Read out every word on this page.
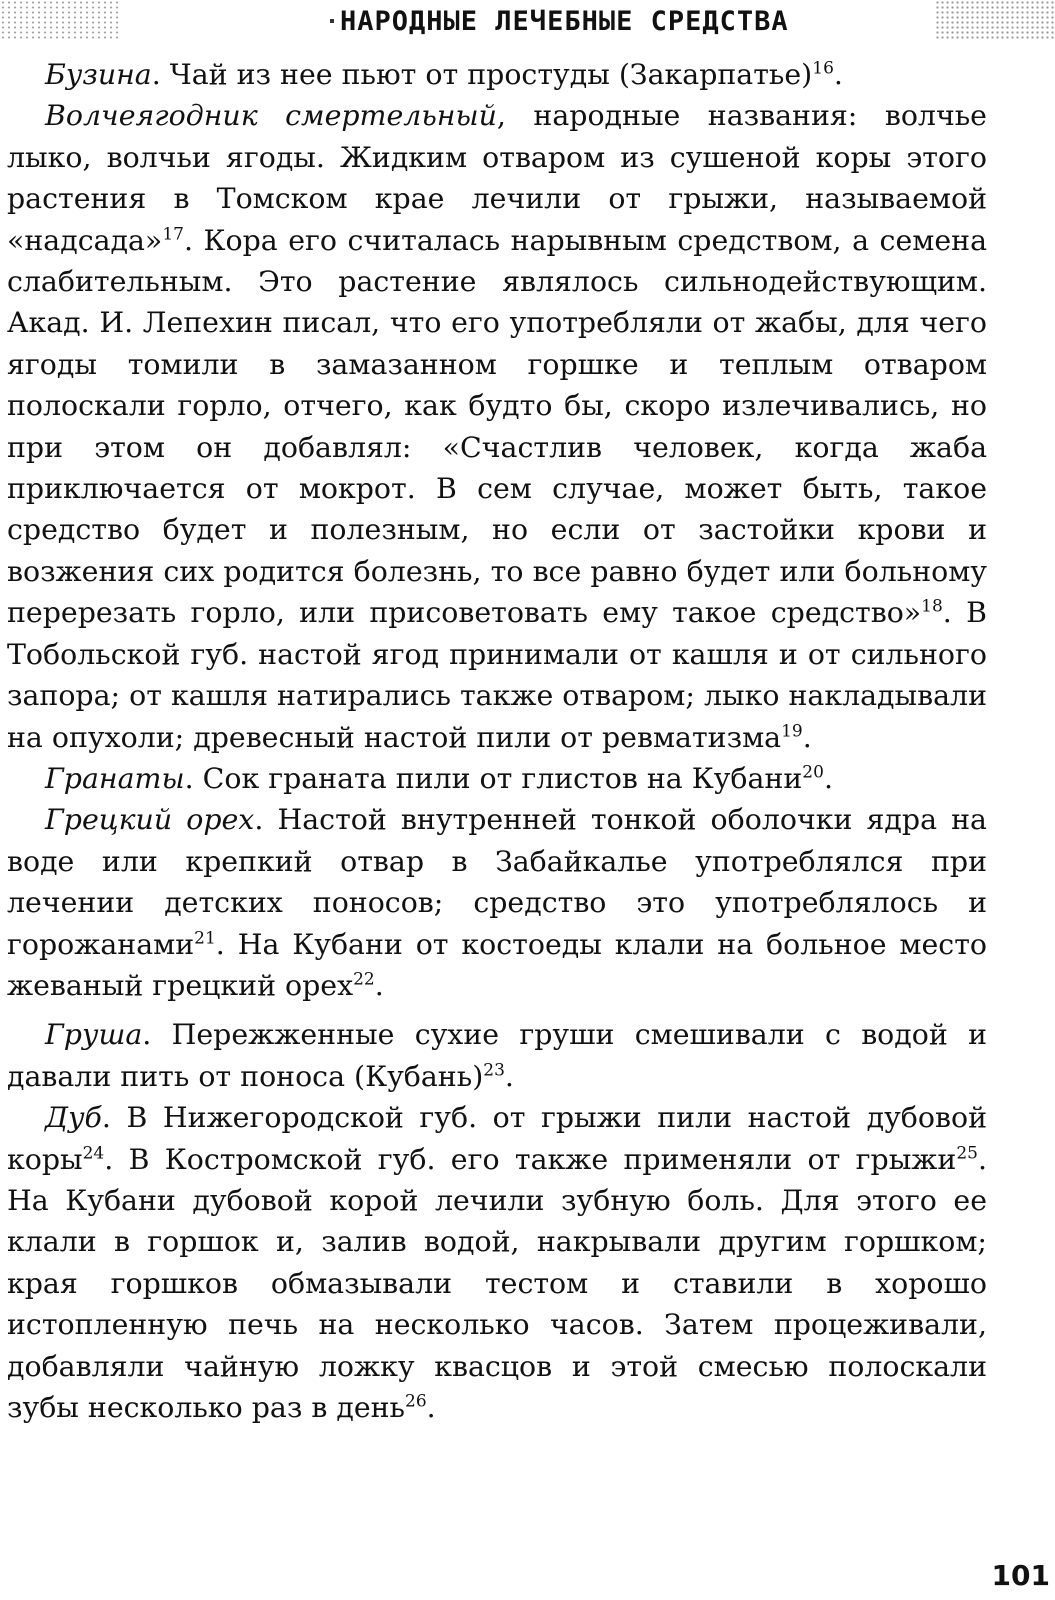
НАРОДНЫЕ ЛЕЧЕБНЫЕ СРЕДСТВА

Бузина. Чай из нее пьют от простуды (Закарпатье)$^{16}$.

Волчеягодник смертельный, народные названия: волчье лыко, волчьи ягоды. Жидким отваром из сушеной коры этого растения в Томском крае лечили от грыжи, называемой «надсада»$^{17}$. Кора его считалась нарывным средством, а семена слабительным. Это растение являлось сильнодействующим. Акад. И. Лепехин писал, что его употребляли от жабы, для чего ягоды томили в замазанном горшке и теплым отваром полоскали горло, отчего, как будто бы, скоро излечивались, но при этом он добавлял: «Счастлив человек, когда жаба приключается от мокрот. В сем случае, может быть, такое средство будет и полезным, но если от застойки крови и возжения сих родится болезнь, то все равно будет или больному перерезать горло, или присоветовать ему такое средство»$^{18}$. В Тобольской губ. настой ягод принимали от кашля и от сильного запора; от кашля натирались также отваром; лыко накладывали на опухоли; древесный настой пили от ревматизма$^{19}$.

Гранаты. Сок граната пили от глистов на Кубани$^{20}$.

Грецкий орех. Настой внутренней тонкой оболочки ядра на воде или крепкий отвар в Забайкалье употреблялся при лечении детских поносов; средство это употреблялось и горожанами$^{21}$. На Кубани от костоеды клали на больное место жеваный грецкий орех$^{22}$.

Груша. Пережженные сухие груши смешивали с водой и давали пить от поноса (Кубань)$^{23}$.

Дуб. В Нижегородской губ. от грыжи пили настой дубовой коры$^{24}$. В Костромской губ. его также применяли от грыжи$^{25}$. На Кубани дубовой корой лечили зубную боль. Для этого ее клали в горшок и, залив водой, накрывали другим горшком; края горшков обмазывали тестом и ставили в хорошо истопленную печь на несколько часов. Затем процеживали, добавляли чайную ложку квасцов и этой смесью полоскали зубы несколько раз в день$^{26}$.

101
